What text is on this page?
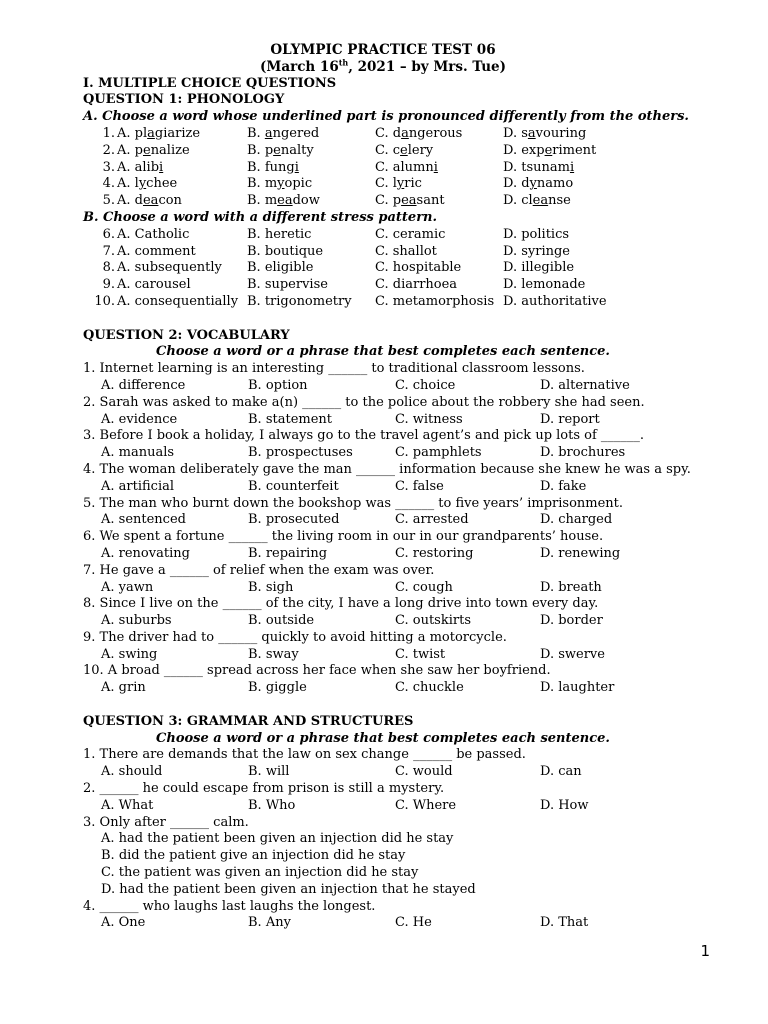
OLYMPIC PRACTICE TEST 06
(March 16th, 2021 – by Mrs. Tue)
I. MULTIPLE CHOICE QUESTIONS
QUESTION 1: PHONOLOGY
A. Choose a word whose underlined part is pronounced differently from the others.
1. A. plagiarize	B. angered	C. dangerous	D. savouring
2. A. penalize	B. penalty	C. celery	D. experiment
3. A. alibi	B. fungi	C. alumni	D. tsunami
4. A. lychee	B. myopic	C. lyric	D. dynamo
5. A. deacon	B. meadow	C. peasant	D. cleanse
B. Choose a word with a different stress pattern.
6. A. Catholic	B. heretic	C. ceramic	D. politics
7. A. comment	B. boutique	C. shallot	D. syringe
8. A. subsequently	B. eligible	C. hospitable	D. illegible
9. A. carousel	B. supervise	C. diarrhoea	D. lemonade
10. A. consequentially B. trigonometry	C. metamorphosis D. authoritative
QUESTION 2: VOCABULARY
Choose a word or a phrase that best completes each sentence.
1. Internet learning is an interesting ______ to traditional classroom lessons.
A. difference	B. option	C. choice	D. alternative
2. Sarah was asked to make a(n) ______ to the police about the robbery she had seen.
A. evidence	B. statement	C. witness	D. report
3. Before I book a holiday, I always go to the travel agent’s and pick up lots of ______.
A. manuals	B. prospectuses	C. pamphlets	D. brochures
4. The woman deliberately gave the man ______ information because she knew he was a spy.
A. artificial	B. counterfeit	C. false	D. fake
5. The man who burnt down the bookshop was ______ to five years’ imprisonment.
A. sentenced	B. prosecuted	C. arrested	D. charged
6. We spent a fortune ______ the living room in our in our grandparents’ house.
A. renovating	B. repairing	C. restoring	D. renewing
7. He gave a ______ of relief when the exam was over.
A. yawn	B. sigh	C. cough	D. breath
8. Since I live on the ______ of the city, I have a long drive into town every day.
A. suburbs	B. outside	C. outskirts	D. border
9. The driver had to ______ quickly to avoid hitting a motorcycle.
A. swing	B. sway	C. twist	D. swerve
10. A broad ______ spread across her face when she saw her boyfriend.
A. grin	B. giggle	C. chuckle	D. laughter
QUESTION 3: GRAMMAR AND STRUCTURES
Choose a word or a phrase that best completes each sentence.
1. There are demands that the law on sex change ______ be passed.
A. should	B. will	C. would	D. can
2. ______ he could escape from prison is still a mystery.
A. What	B. Who	C. Where	D. How
3. Only after ______ calm.
A. had the patient been given an injection did he stay
B. did the patient give an injection did he stay
C. the patient was given an injection did he stay
D. had the patient been given an injection that he stayed
4. ______ who laughs last laughs the longest.
A. One	B. Any	C. He	D. That
1
